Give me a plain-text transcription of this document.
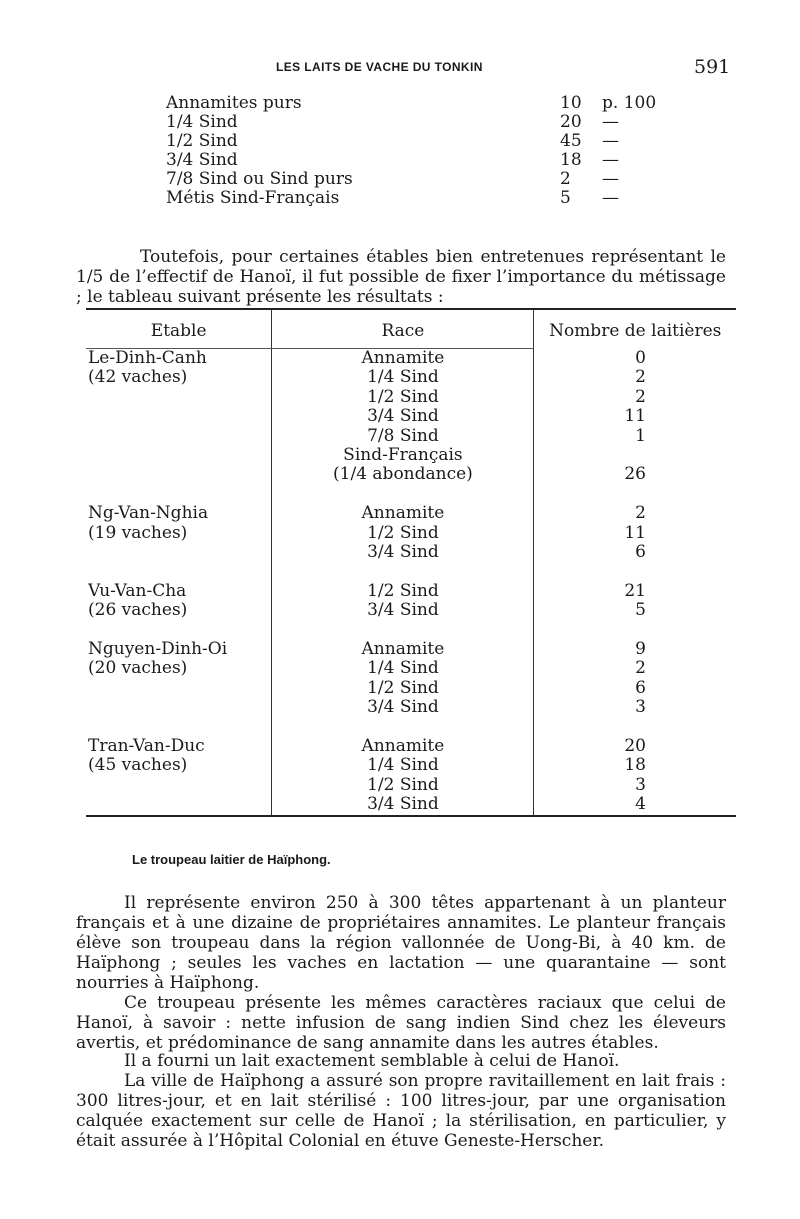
LES LAITS DE VACHE DU TONKIN	591
Annamites purs	10	p. 100
1/4 Sind	20	—
1/2 Sind	45	—
3/4 Sind	18	—
7/8 Sind ou Sind purs	2	—
Métis Sind-Français	5	—

Toutefois, pour certaines étables bien entretenues représentant le 1/5 de l’effectif de Hanoï, il fut possible de fixer l’importance du métissage ; le tableau suivant présente les résultats :

Etable	Race	Nombre de laitières
Le-Dinh-Canh	Annamite	0
(42 vaches)	1/4 Sind	2
	1/2 Sind	2
	3/4 Sind	11
	7/8 Sind	1
	Sind-Français	
	(1/4 abondance)	26

Ng-Van-Nghia	Annamite	2
(19 vaches)	1/2 Sind	11
	3/4 Sind	6

Vu-Van-Cha	1/2 Sind	21
(26 vaches)	3/4 Sind	5

Nguyen-Dinh-Oi	Annamite	9
(20 vaches)	1/4 Sind	2
	1/2 Sind	6
	3/4 Sind	3

Tran-Van-Duc	Annamite	20
(45 vaches)	1/4 Sind	18
	1/2 Sind	3
	3/4 Sind	4
Le troupeau laitier de Haïphong.

Il représente environ 250 à 300 têtes appartenant à un planteur français et à une dizaine de propriétaires annamites. Le planteur français élève son troupeau dans la région vallonnée de Uong-Bi, à 40 km. de Haïphong ; seules les vaches en lactation — une quarantaine — sont nourries à Haïphong.

Ce troupeau présente les mêmes caractères raciaux que celui de Hanoï, à savoir : nette infusion de sang indien Sind chez les éleveurs avertis, et prédominance de sang annamite dans les autres étables.

Il a fourni un lait exactement semblable à celui de Hanoï.

La ville de Haïphong a assuré son propre ravitaillement en lait frais : 300 litres-jour, et en lait stérilisé : 100 litres-jour, par une organisation calquée exactement sur celle de Hanoï ; la stérilisation, en particulier, y était assurée à l’Hôpital Colonial en étuve Geneste-Herscher.
